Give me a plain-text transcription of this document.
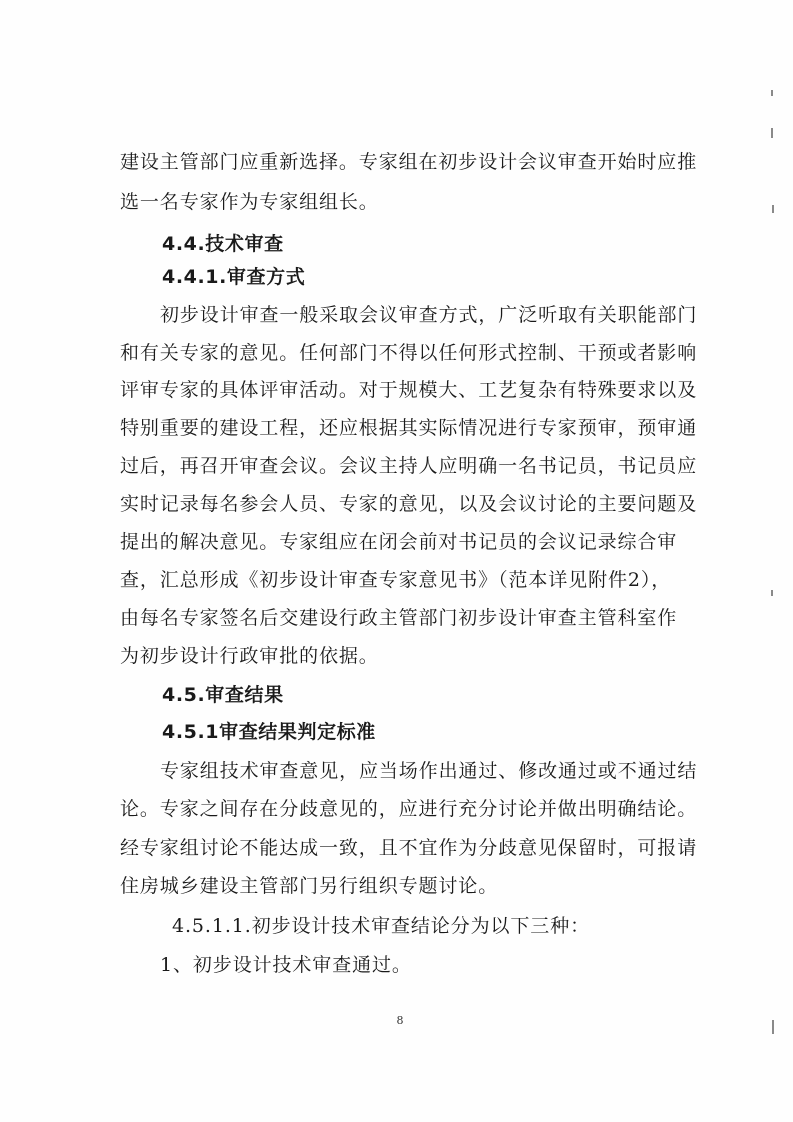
建设主管部门应重新选择。专家组在初步设计会议审查开始时应推
选一名专家作为专家组组长。
4.4.技术审查
4.4.1.审查方式
初步设计审查一般采取会议审查方式，广泛听取有关职能部门
和有关专家的意见。任何部门不得以任何形式控制、干预或者影响
评审专家的具体评审活动。对于规模大、工艺复杂有特殊要求以及
特别重要的建设工程，还应根据其实际情况进行专家预审，预审通
过后，再召开审查会议。会议主持人应明确一名书记员，书记员应
实时记录每名参会人员、专家的意见，以及会议讨论的主要问题及
提出的解决意见。专家组应在闭会前对书记员的会议记录综合审
查，汇总形成《初步设计审查专家意见书》（范本详见附件2），
由每名专家签名后交建设行政主管部门初步设计审查主管科室作
为初步设计行政审批的依据。
4.5.审查结果
4.5.1审查结果判定标准
专家组技术审查意见，应当场作出通过、修改通过或不通过结
论。专家之间存在分歧意见的，应进行充分讨论并做出明确结论。
经专家组讨论不能达成一致，且不宜作为分歧意见保留时，可报请
住房城乡建设主管部门另行组织专题讨论。
4.5.1.1.初步设计技术审查结论分为以下三种：
1、初步设计技术审查通过。
8
